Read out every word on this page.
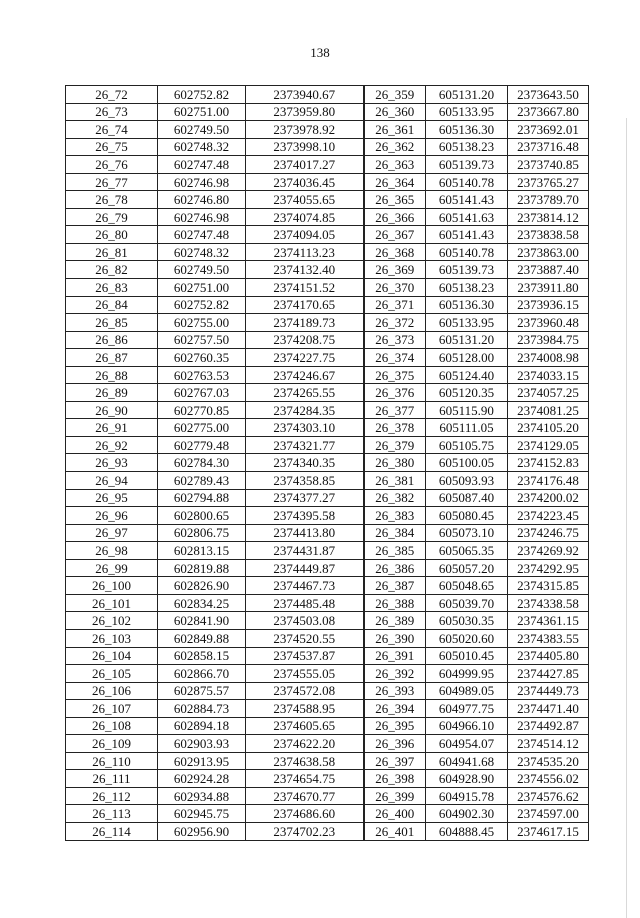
138
26_72	602752.82	2373940.67	26_359	605131.20	2373643.50
26_73	602751.00	2373959.80	26_360	605133.95	2373667.80
26_74	602749.50	2373978.92	26_361	605136.30	2373692.01
26_75	602748.32	2373998.10	26_362	605138.23	2373716.48
26_76	602747.48	2374017.27	26_363	605139.73	2373740.85
26_77	602746.98	2374036.45	26_364	605140.78	2373765.27
26_78	602746.80	2374055.65	26_365	605141.43	2373789.70
26_79	602746.98	2374074.85	26_366	605141.63	2373814.12
26_80	602747.48	2374094.05	26_367	605141.43	2373838.58
26_81	602748.32	2374113.23	26_368	605140.78	2373863.00
26_82	602749.50	2374132.40	26_369	605139.73	2373887.40
26_83	602751.00	2374151.52	26_370	605138.23	2373911.80
26_84	602752.82	2374170.65	26_371	605136.30	2373936.15
26_85	602755.00	2374189.73	26_372	605133.95	2373960.48
26_86	602757.50	2374208.75	26_373	605131.20	2373984.75
26_87	602760.35	2374227.75	26_374	605128.00	2374008.98
26_88	602763.53	2374246.67	26_375	605124.40	2374033.15
26_89	602767.03	2374265.55	26_376	605120.35	2374057.25
26_90	602770.85	2374284.35	26_377	605115.90	2374081.25
26_91	602775.00	2374303.10	26_378	605111.05	2374105.20
26_92	602779.48	2374321.77	26_379	605105.75	2374129.05
26_93	602784.30	2374340.35	26_380	605100.05	2374152.83
26_94	602789.43	2374358.85	26_381	605093.93	2374176.48
26_95	602794.88	2374377.27	26_382	605087.40	2374200.02
26_96	602800.65	2374395.58	26_383	605080.45	2374223.45
26_97	602806.75	2374413.80	26_384	605073.10	2374246.75
26_98	602813.15	2374431.87	26_385	605065.35	2374269.92
26_99	602819.88	2374449.87	26_386	605057.20	2374292.95
26_100	602826.90	2374467.73	26_387	605048.65	2374315.85
26_101	602834.25	2374485.48	26_388	605039.70	2374338.58
26_102	602841.90	2374503.08	26_389	605030.35	2374361.15
26_103	602849.88	2374520.55	26_390	605020.60	2374383.55
26_104	602858.15	2374537.87	26_391	605010.45	2374405.80
26_105	602866.70	2374555.05	26_392	604999.95	2374427.85
26_106	602875.57	2374572.08	26_393	604989.05	2374449.73
26_107	602884.73	2374588.95	26_394	604977.75	2374471.40
26_108	602894.18	2374605.65	26_395	604966.10	2374492.87
26_109	602903.93	2374622.20	26_396	604954.07	2374514.12
26_110	602913.95	2374638.58	26_397	604941.68	2374535.20
26_111	602924.28	2374654.75	26_398	604928.90	2374556.02
26_112	602934.88	2374670.77	26_399	604915.78	2374576.62
26_113	602945.75	2374686.60	26_400	604902.30	2374597.00
26_114	602956.90	2374702.23	26_401	604888.45	2374617.15
